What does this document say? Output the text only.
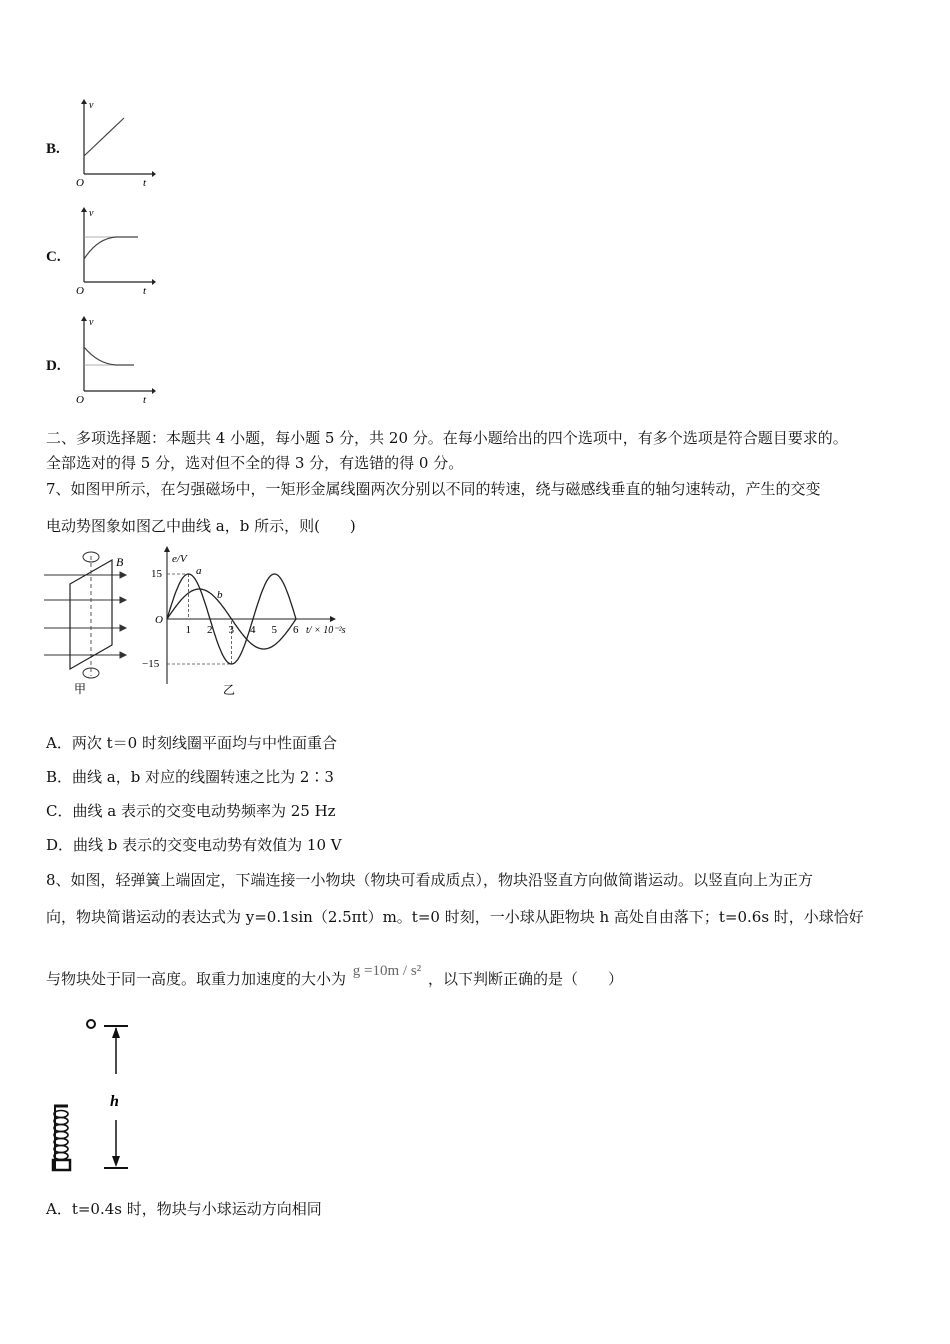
B.
v
O	t
C.
v
O	t
D.
v
O	t
二、多项选择题：本题共 4 小题，每小题 5 分，共 20 分。在每小题给出的四个选项中，有多个选项是符合题目要求的。
全部选对的得 5 分，选对但不全的得 3 分，有选错的得 0 分。
7、如图甲所示，在匀强磁场中，一矩形金属线圈两次分别以不同的转速，绕与磁感线垂直的轴匀速转动，产生的交变
电动势图象如图乙中曲线 a，b 所示，则(　　)
B
甲
1 2 3 4 5 6
e/V
15
−15
O
t/ × 10⁻²s
a
b
乙
A．两次 t＝0 时刻线圈平面均与中性面重合
B．曲线 a，b 对应的线圈转速之比为 2∶3
C．曲线 a 表示的交变电动势频率为 25 Hz
D．曲线 b 表示的交变电动势有效值为 10 V
8、如图，轻弹簧上端固定，下端连接一小物块（物块可看成质点），物块沿竖直方向做简谐运动。以竖直向上为正方
向，物块简谐运动的表达式为 y=0.1sin（2.5πt）m。t=0 时刻，一小球从距物块 h 高处自由落下；t=0.6s 时，小球恰好
与物块处于同一高度。取重力加速度的大小为 g =10m / s² ，以下判断正确的是（　　）
h
A．t=0.4s 时，物块与小球运动方向相同
